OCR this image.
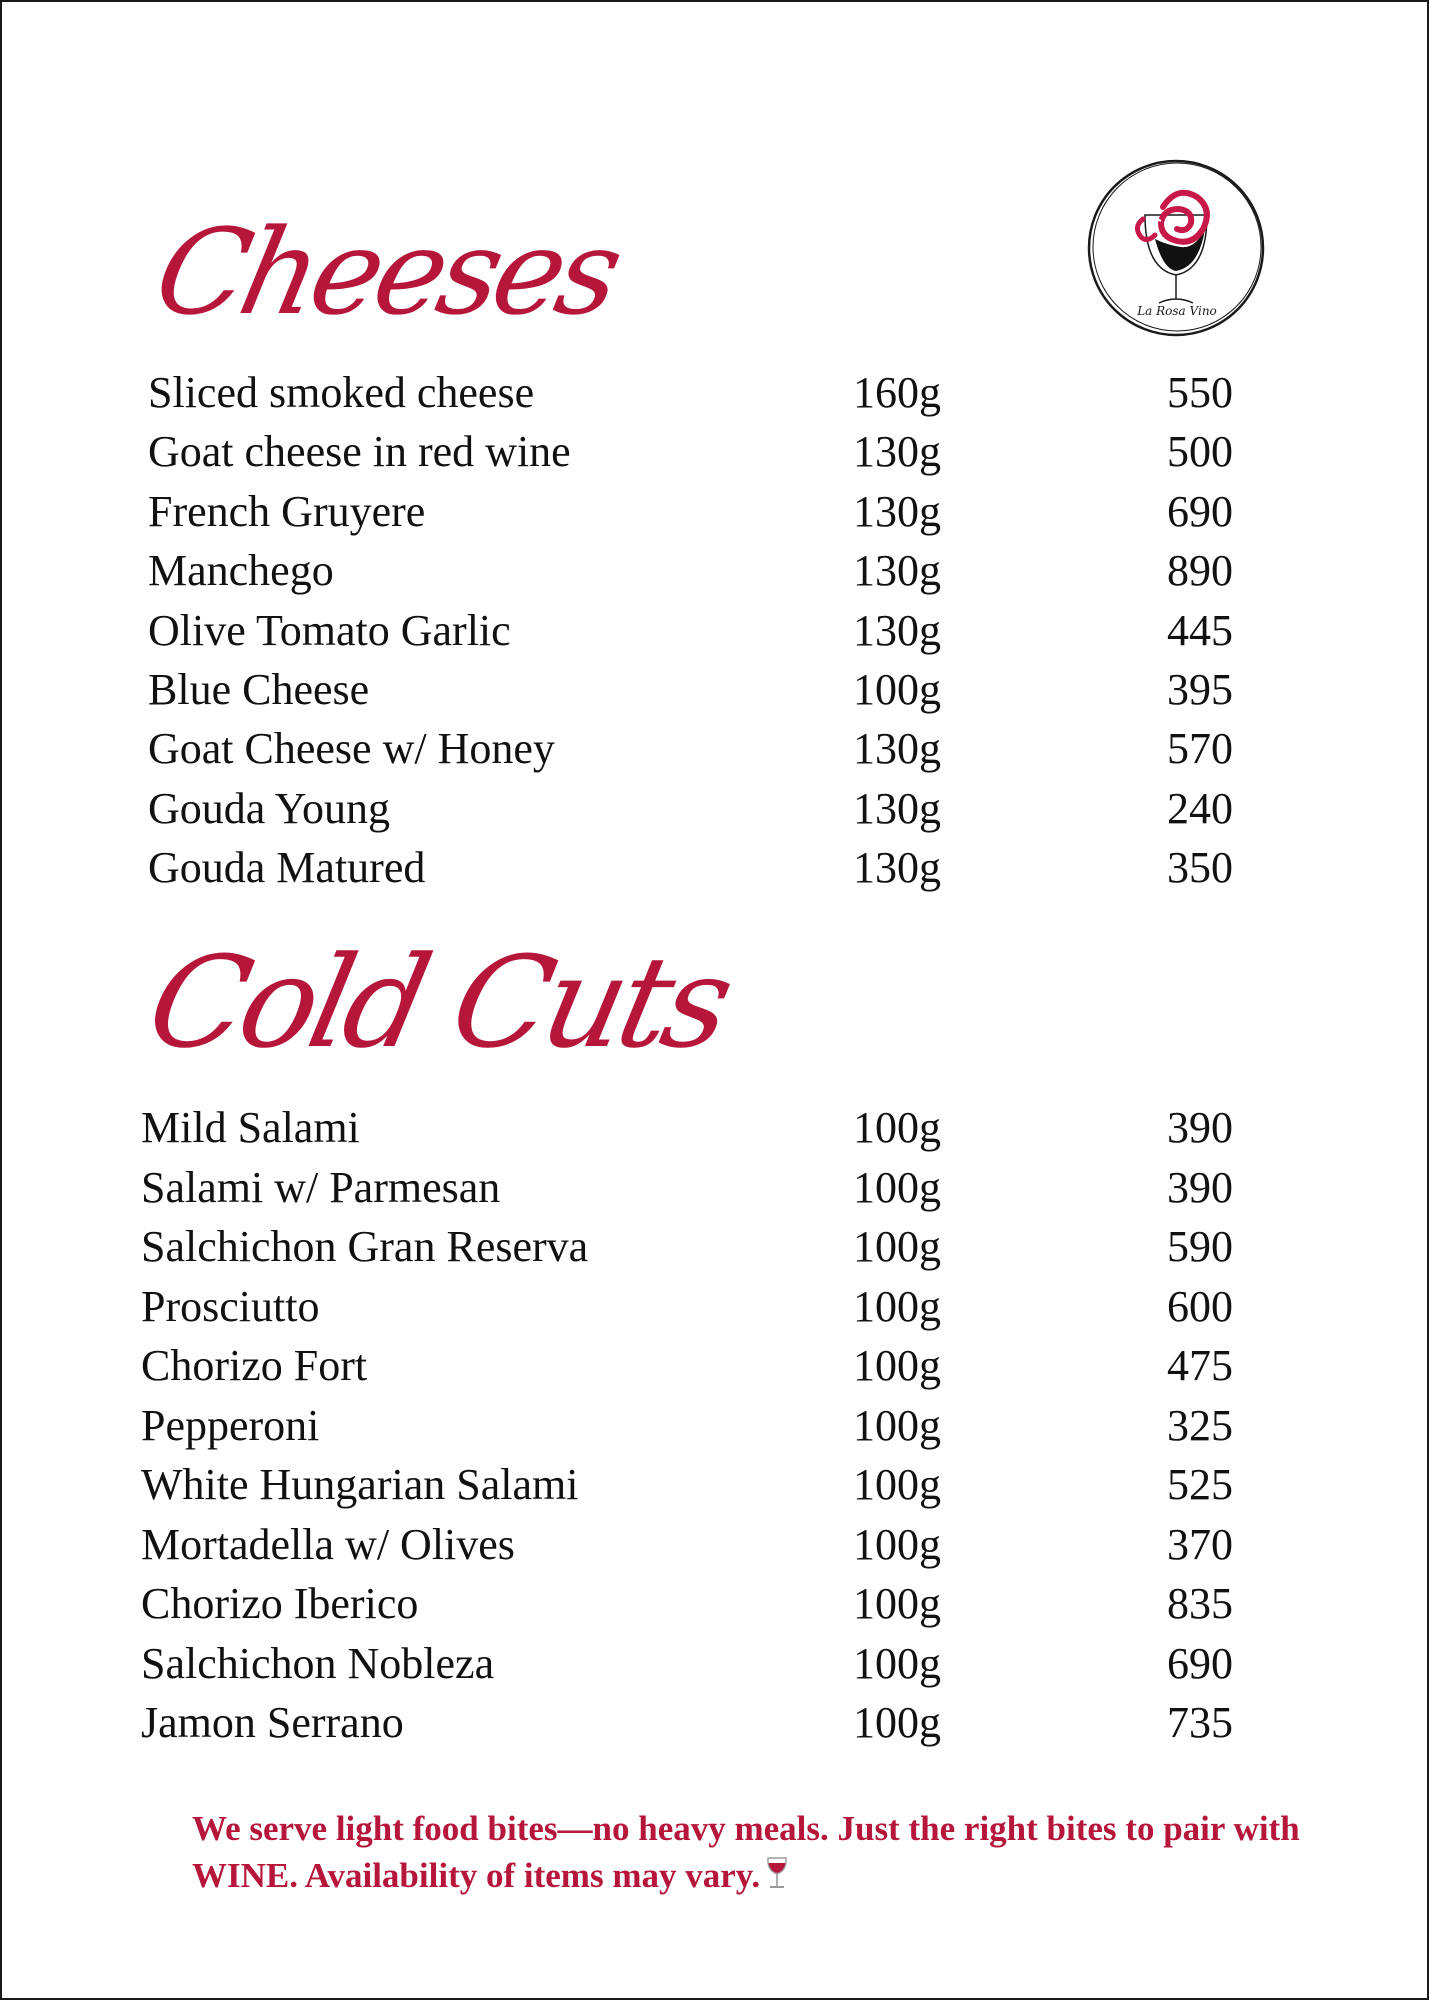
La Rosa Vino
Cheeses
Sliced smoked cheese	160g	550
Goat cheese in red wine	130g	500
French Gruyere	130g	690
Manchego	130g	890
Olive Tomato Garlic	130g	445
Blue Cheese	100g	395
Goat Cheese w/ Honey	130g	570
Gouda Young	130g	240
Gouda Matured	130g	350
Cold Cuts
Mild Salami	100g	390
Salami w/ Parmesan	100g	390
Salchichon Gran Reserva	100g	590
Prosciutto	100g	600
Chorizo Fort	100g	475
Pepperoni	100g	325
White Hungarian Salami	100g	525
Mortadella w/ Olives	100g	370
Chorizo Iberico	100g	835
Salchichon Nobleza	100g	690
Jamon Serrano	100g	735

We serve light food bites—no heavy meals. Just the right bites to pair with WINE. Availability of items may vary.
